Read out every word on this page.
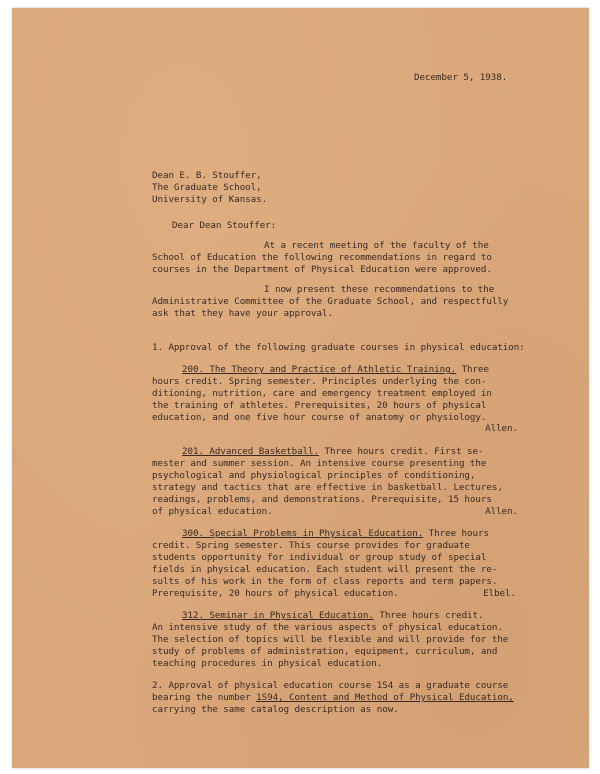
December 5, 1938.
Dean E. B. Stouffer,
The Graduate School,
University of Kansas.
Dear Dean Stouffer:
At a recent meeting of the faculty of the
School of Education the following recommendations in regard to
courses in the Department of Physical Education were approved.
I now present these recommendations to the
Administrative Committee of the Graduate School, and respectfully
ask that they have your approval.
1. Approval of the following graduate courses in physical education:
200. The Theory and Practice of Athletic Training. Three
hours credit. Spring semester. Principles underlying the con-
ditioning, nutrition, care and emergency treatment employed in
the training of athletes. Prerequisites, 20 hours of physical
education, and one five hour course of anatomy or physiology.
Allen.
201. Advanced Basketball. Three hours credit. First se-
mester and summer session. An intensive course presenting the
psychological and physiological principles of conditioning,
strategy and tactics that are effective in basketball. Lectures,
readings, problems, and demonstrations. Prerequisite, 15 hours
of physical education.	Allen.
300. Special Problems in Physical Education. Three hours
credit. Spring semester. This course provides for graduate
students opportunity for individual or group study of special
fields in physical education. Each student will present the re-
sults of his work in the form of class reports and term papers.
Prerequisite, 20 hours of physical education.	Elbel.
312. Seminar in Physical Education. Three hours credit.
An intensive study of the various aspects of physical education.
The selection of topics will be flexible and will provide for the
study of problems of administration, equipment, curriculum, and
teaching procedures in physical education.
2. Approval of physical education course 1S4 as a graduate course
bearing the number 1S94, Content and Method of Physical Education,
carrying the same catalog description as now.
